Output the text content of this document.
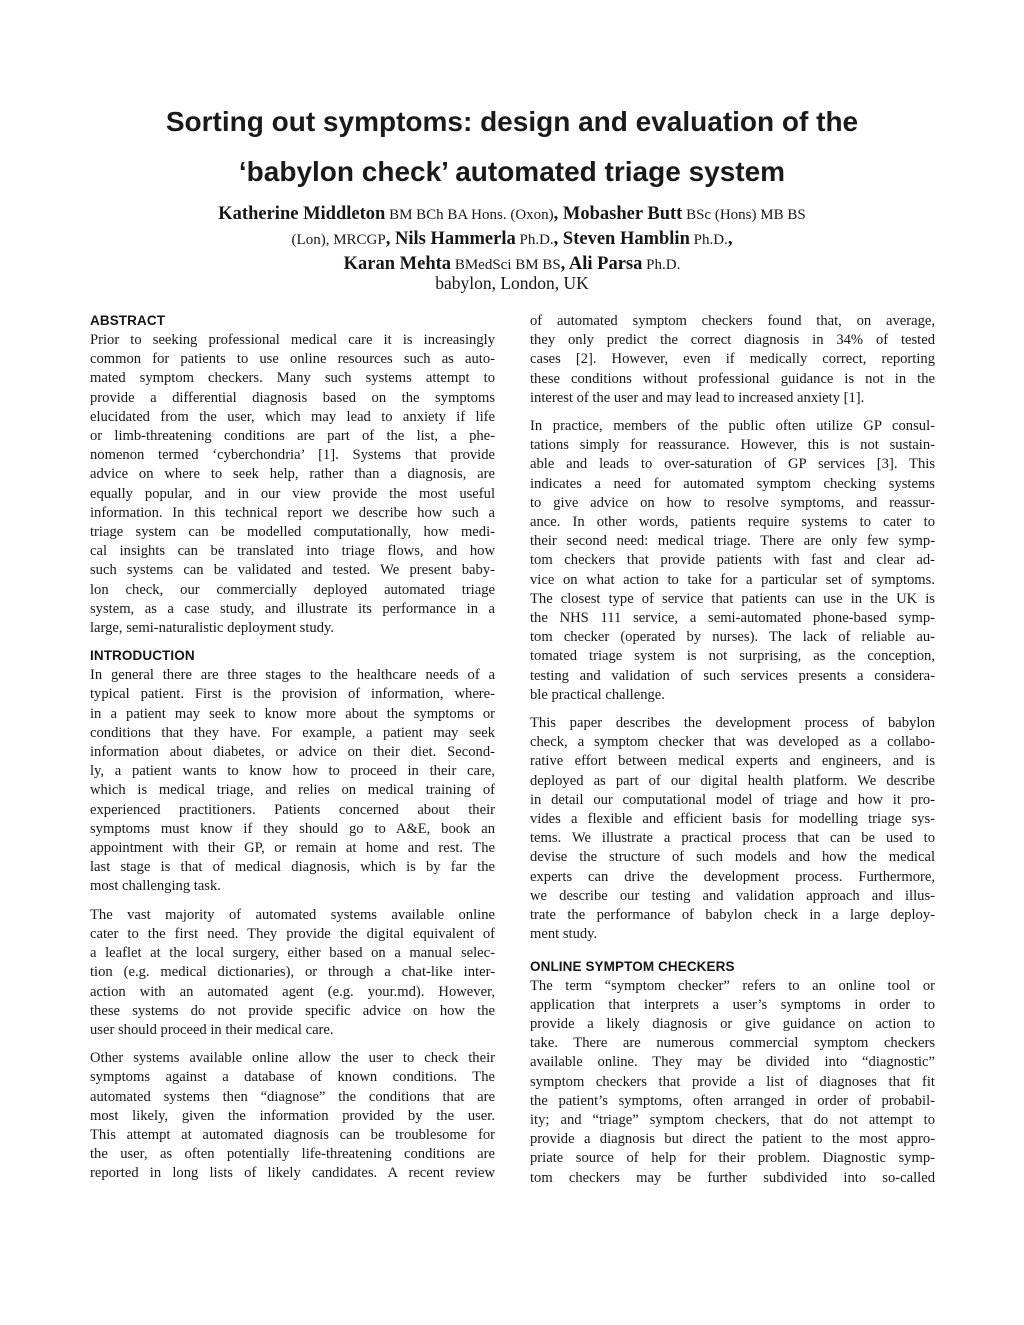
Sorting out symptoms: design and evaluation of the
‘babylon check’ automated triage system
Katherine Middleton BM BCh BA Hons. (Oxon), Mobasher Butt BSc (Hons) MB BS
(Lon), MRCGP, Nils Hammerla Ph.D., Steven Hamblin Ph.D.,
Karan Mehta BMedSci BM BS, Ali Parsa Ph.D.

babylon, London, UK

ABSTRACT
Prior to seeking professional medical care it is increasingly
common for patients to use online resources such as auto-
mated symptom checkers. Many such systems attempt to
provide a differential diagnosis based on the symptoms
elucidated from the user, which may lead to anxiety if life
or limb-threatening conditions are part of the list, a phe-
nomenon termed ‘cyberchondria’ [1]. Systems that provide
advice on where to seek help, rather than a diagnosis, are
equally popular, and in our view provide the most useful
information. In this technical report we describe how such a
triage system can be modelled computationally, how medi-
cal insights can be translated into triage flows, and how
such systems can be validated and tested. We present baby-
lon check, our commercially deployed automated triage
system, as a case study, and illustrate its performance in a
large, semi-naturalistic deployment study.
INTRODUCTION
In general there are three stages to the healthcare needs of a
typical patient. First is the provision of information, where-
in a patient may seek to know more about the symptoms or
conditions that they have. For example, a patient may seek
information about diabetes, or advice on their diet. Second-
ly, a patient wants to know how to proceed in their care,
which is medical triage, and relies on medical training of
experienced practitioners. Patients concerned about their
symptoms must know if they should go to A&E, book an
appointment with their GP, or remain at home and rest. The
last stage is that of medical diagnosis, which is by far the
most challenging task.
The vast majority of automated systems available online
cater to the first need. They provide the digital equivalent of
a leaflet at the local surgery, either based on a manual selec-
tion (e.g. medical dictionaries), or through a chat-like inter-
action with an automated agent (e.g. your.md). However,
these systems do not provide specific advice on how the
user should proceed in their medical care.
Other systems available online allow the user to check their
symptoms against a database of known conditions. The
automated systems then “diagnose” the conditions that are
most likely, given the information provided by the user.
This attempt at automated diagnosis can be troublesome for
the user, as often potentially life-threatening conditions are
reported in long lists of likely candidates. A recent review
of automated symptom checkers found that, on average,
they only predict the correct diagnosis in 34% of tested
cases [2]. However, even if medically correct, reporting
these conditions without professional guidance is not in the
interest of the user and may lead to increased anxiety [1].
In practice, members of the public often utilize GP consul-
tations simply for reassurance. However, this is not sustain-
able and leads to over-saturation of GP services [3]. This
indicates a need for automated symptom checking systems
to give advice on how to resolve symptoms, and reassur-
ance. In other words, patients require systems to cater to
their second need: medical triage. There are only few symp-
tom checkers that provide patients with fast and clear ad-
vice on what action to take for a particular set of symptoms.
The closest type of service that patients can use in the UK is
the NHS 111 service, a semi-automated phone-based symp-
tom checker (operated by nurses). The lack of reliable au-
tomated triage system is not surprising, as the conception,
testing and validation of such services presents a considera-
ble practical challenge.
This paper describes the development process of babylon
check, a symptom checker that was developed as a collabo-
rative effort between medical experts and engineers, and is
deployed as part of our digital health platform. We describe
in detail our computational model of triage and how it pro-
vides a flexible and efficient basis for modelling triage sys-
tems. We illustrate a practical process that can be used to
devise the structure of such models and how the medical
experts can drive the development process. Furthermore,
we describe our testing and validation approach and illus-
trate the performance of babylon check in a large deploy-
ment study.
ONLINE SYMPTOM CHECKERS
The term “symptom checker” refers to an online tool or
application that interprets a user’s symptoms in order to
provide a likely diagnosis or give guidance on action to
take. There are numerous commercial symptom checkers
available online. They may be divided into “diagnostic”
symptom checkers that provide a list of diagnoses that fit
the patient’s symptoms, often arranged in order of probabil-
ity; and “triage” symptom checkers, that do not attempt to
provide a diagnosis but direct the patient to the most appro-
priate source of help for their problem. Diagnostic symp-
tom checkers may be further subdivided into so-called
